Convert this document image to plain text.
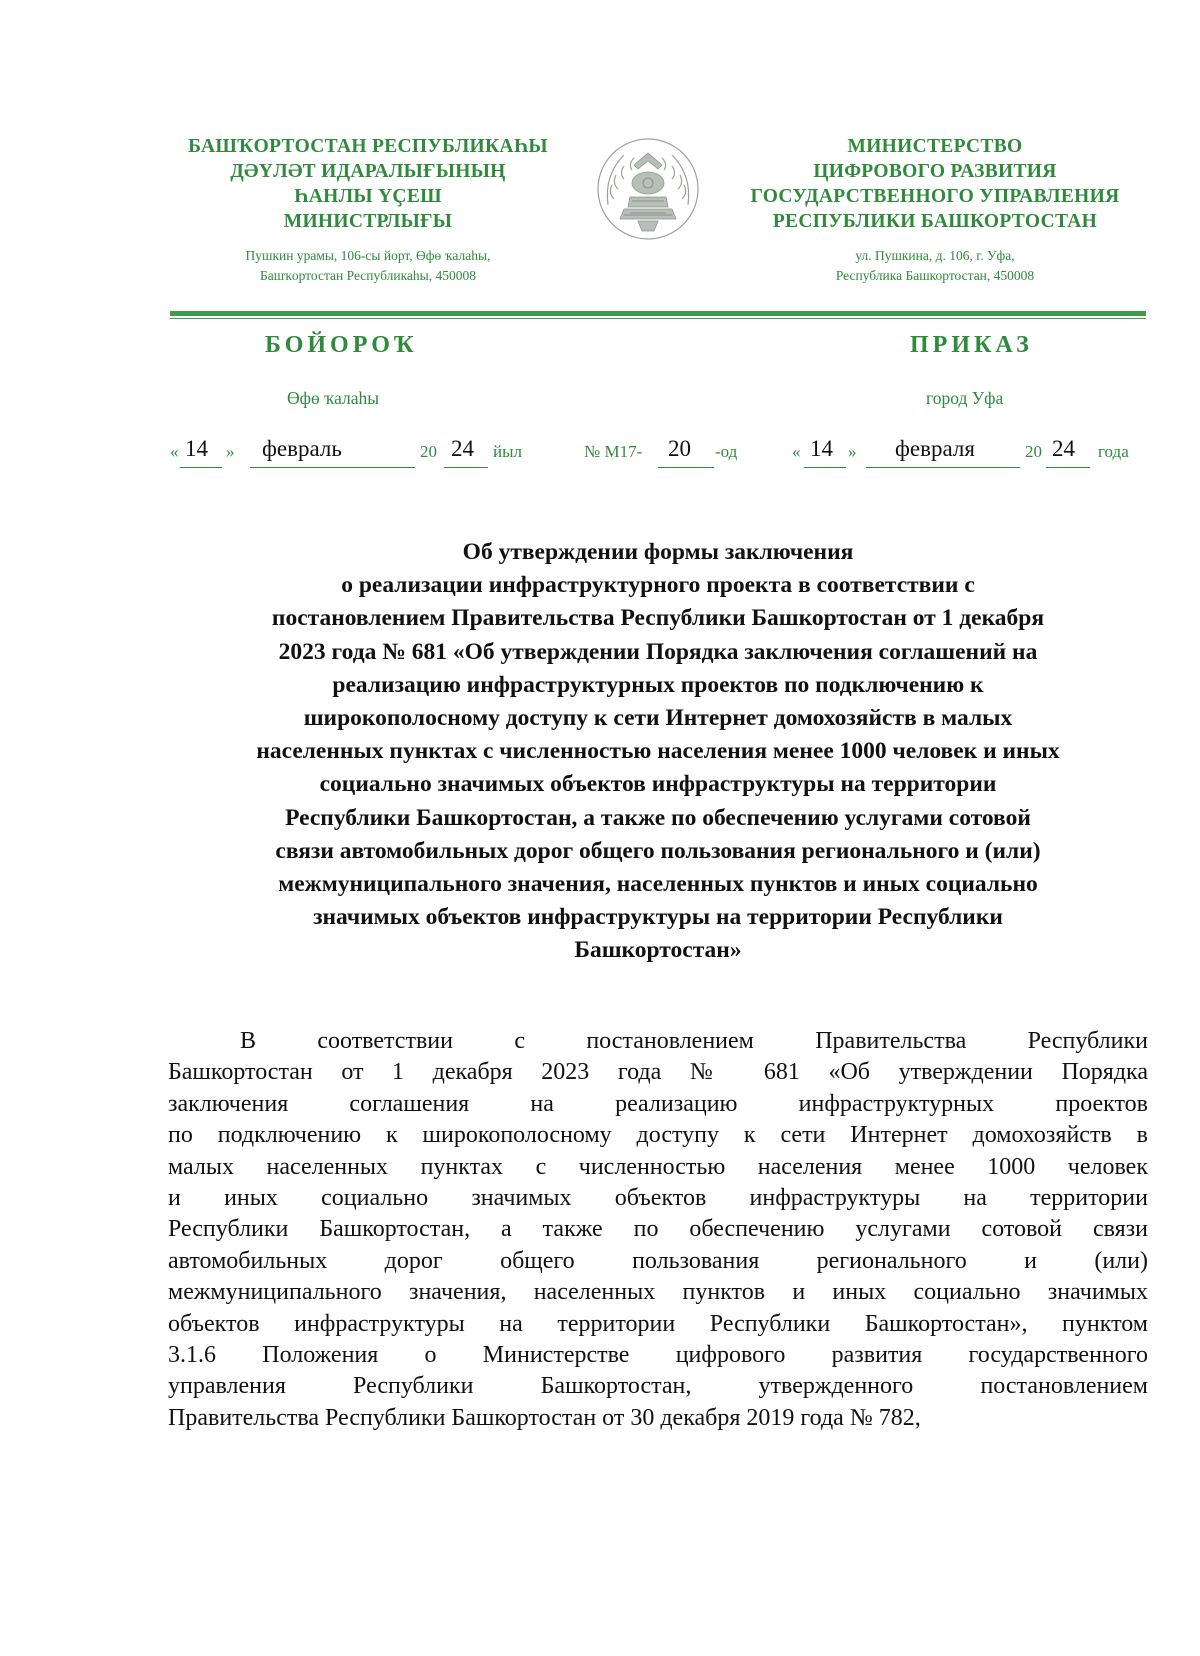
БАШҠОРТОСТАН РЕСПУБЛИКАҺЫ
ДӘҮЛӘТ ИДАРАЛЫҒЫНЫҢ
ҺАНЛЫ ҮҪЕШ
МИНИСТРЛЫҒЫ
Пушкин урамы, 106-сы йорт, Өфө ҡалаһы,
Башҡортостан Республикаһы, 450008
МИНИСТЕРСТВО
ЦИФРОВОГО РАЗВИТИЯ
ГОСУДАРСТВЕННОГО УПРАВЛЕНИЯ
РЕСПУБЛИКИ БАШКОРТОСТАН
ул. Пушкина, д. 106, г. Уфа,
Республика Башкортостан, 450008
БОЙОРОҠ	ПРИКАЗ
Өфө ҡалаһы	город Уфа
« 14 » февраль	20 24 йыл	№ М17- 20 -од	« 14 » февраля	20 24 года
Об утверждении формы заключения
о реализации инфраструктурного проекта в соответствии с
постановлением Правительства Республики Башкортостан от 1 декабря
2023 года № 681 «Об утверждении Порядка заключения соглашений на
реализацию инфраструктурных проектов по подключению к
широкополосному доступу к сети Интернет домохозяйств в малых
населенных пунктах с численностью населения менее 1000 человек и иных
социально значимых объектов инфраструктуры на территории
Республики Башкортостан, а также по обеспечению услугами сотовой
связи автомобильных дорог общего пользования регионального и (или)
межмуниципального значения, населенных пунктов и иных социально
значимых объектов инфраструктуры на территории Республики
Башкортостан»
В соответствии с постановлением Правительства Республики
Башкортостан от 1 декабря 2023 года № 681 «Об утверждении Порядка
заключения соглашения на реализацию инфраструктурных проектов
по подключению к широкополосному доступу к сети Интернет домохозяйств в
малых населенных пунктах с численностью населения менее 1000 человек
и иных социально значимых объектов инфраструктуры на территории
Республики Башкортостан, а также по обеспечению услугами сотовой связи
автомобильных дорог общего пользования регионального и (или)
межмуниципального значения, населенных пунктов и иных социально значимых
объектов инфраструктуры на территории Республики Башкортостан», пунктом
3.1.6 Положения о Министерстве цифрового развития государственного
управления Республики Башкортостан, утвержденного постановлением
Правительства Республики Башкортостан от 30 декабря 2019 года № 782,
